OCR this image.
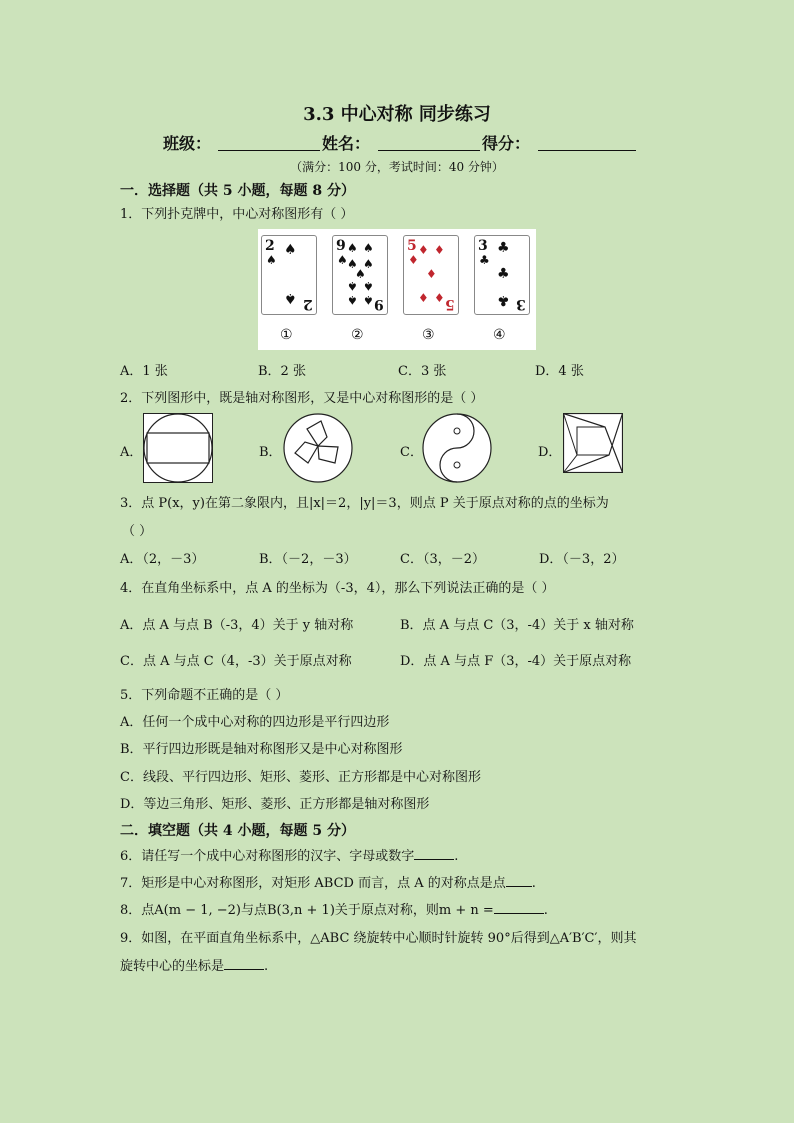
3.3 中心对称 同步练习
班级：	姓名：	得分：
（满分：100 分，考试时间：40 分钟）
一．选择题（共 5 小题，每题 8 分）
1．下列扑克牌中，中心对称图形有（ ）
2
♠
♠
♠ 2
9
♠
♠ ♠
♠ ♠
♠
♠ ♠
♠ ♠ 9
5
♦
♦ ♦
♦
♦ ♦ 5
3
♣
♣
♣
♣ 3
①	②	③	④
A．1 张	B．2 张	C．3 张	D．4 张
2．下列图形中，既是轴对称图形，又是中心对称图形的是（ ）
A．	B．	C．	D．
3．点 P(x，y)在第二象限内，且|x|＝2，|y|＝3，则点 P 关于原点对称的点的坐标为
（ ）
A．（2，－3）	B．（－2，－3）	C．（3，－2）	D．（－3，2）
4．在直角坐标系中，点 A 的坐标为（-3，4），那么下列说法正确的是（ ）
A．点 A 与点 B（-3，4）关于 y 轴对称	B．点 A 与点 C（3，-4）关于 x 轴对称
C．点 A 与点 C（4，-3）关于原点对称	D．点 A 与点 F（3，-4）关于原点对称
5．下列命题不正确的是（ ）
A．任何一个成中心对称的四边形是平行四边形
B．平行四边形既是轴对称图形又是中心对称图形
C．线段、平行四边形、矩形、菱形、正方形都是中心对称图形
D．等边三角形、矩形、菱形、正方形都是轴对称图形
二．填空题（共 4 小题，每题 5 分）
6．请任写一个成中心对称图形的汉字、字母或数字	.
7．矩形是中心对称图形，对矩形 ABCD 而言，点 A 的对称点是点 .
8．点A(m − 1, −2)与点B(3,n + 1)关于原点对称，则m + n =	.
9．如图，在平面直角坐标系中，△ABC 绕旋转中心顺时针旋转 90°后得到△A′B′C′，则其
旋转中心的坐标是	.
